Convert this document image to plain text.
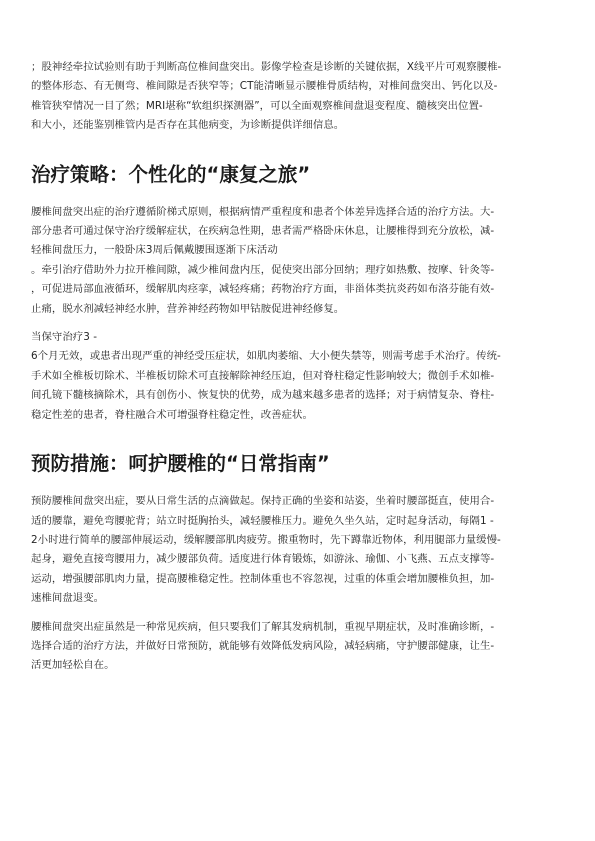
；股神经牵拉试验则有助于判断高位椎间盘突出。影像学检查是诊断的关键依据，X线平片可观察腰椎-
的整体形态、有无侧弯、椎间隙是否狭窄等；CT能清晰显示腰椎骨质结构，对椎间盘突出、钙化以及-
椎管狭窄情况一目了然；MRI堪称“软组织探测器”，可以全面观察椎间盘退变程度、髓核突出位置-
和大小，还能鉴别椎管内是否存在其他病变，为诊断提供详细信息。

治疗策略：个性化的“康复之旅”

腰椎间盘突出症的治疗遵循阶梯式原则，根据病情严重程度和患者个体差异选择合适的治疗方法。大-
部分患者可通过保守治疗缓解症状，在疾病急性期，患者需严格卧床休息，让腰椎得到充分放松，减-
轻椎间盘压力，一般卧床3周后佩戴腰围逐渐下床活动
。牵引治疗借助外力拉开椎间隙，减少椎间盘内压，促使突出部分回纳；理疗如热敷、按摩、针灸等-
，可促进局部血液循环，缓解肌肉痉挛，减轻疼痛；药物治疗方面，非甾体类抗炎药如布洛芬能有效-
止痛，脱水剂减轻神经水肿，营养神经药物如甲钴胺促进神经修复。

当保守治疗3 -
6个月无效，或患者出现严重的神经受压症状，如肌肉萎缩、大小便失禁等，则需考虑手术治疗。传统-
手术如全椎板切除术、半椎板切除术可直接解除神经压迫，但对脊柱稳定性影响较大；微创手术如椎-
间孔镜下髓核摘除术，具有创伤小、恢复快的优势，成为越来越多患者的选择；对于病情复杂、脊柱-
稳定性差的患者，脊柱融合术可增强脊柱稳定性，改善症状。

预防措施：呵护腰椎的“日常指南”

预防腰椎间盘突出症，要从日常生活的点滴做起。保持正确的坐姿和站姿，坐着时腰部挺直，使用合-
适的腰靠，避免弯腰驼背；站立时挺胸抬头，减轻腰椎压力。避免久坐久站，定时起身活动，每隔1 -
2小时进行简单的腰部伸展运动，缓解腰部肌肉疲劳。搬重物时，先下蹲靠近物体，利用腿部力量缓慢-
起身，避免直接弯腰用力，减少腰部负荷。适度进行体育锻炼，如游泳、瑜伽、小飞燕、五点支撑等-
运动，增强腰部肌肉力量，提高腰椎稳定性。控制体重也不容忽视，过重的体重会增加腰椎负担，加-
速椎间盘退变。

腰椎间盘突出症虽然是一种常见疾病，但只要我们了解其发病机制，重视早期症状，及时准确诊断，-
选择合适的治疗方法，并做好日常预防，就能够有效降低发病风险，减轻病痛，守护腰部健康，让生-
活更加轻松自在。
